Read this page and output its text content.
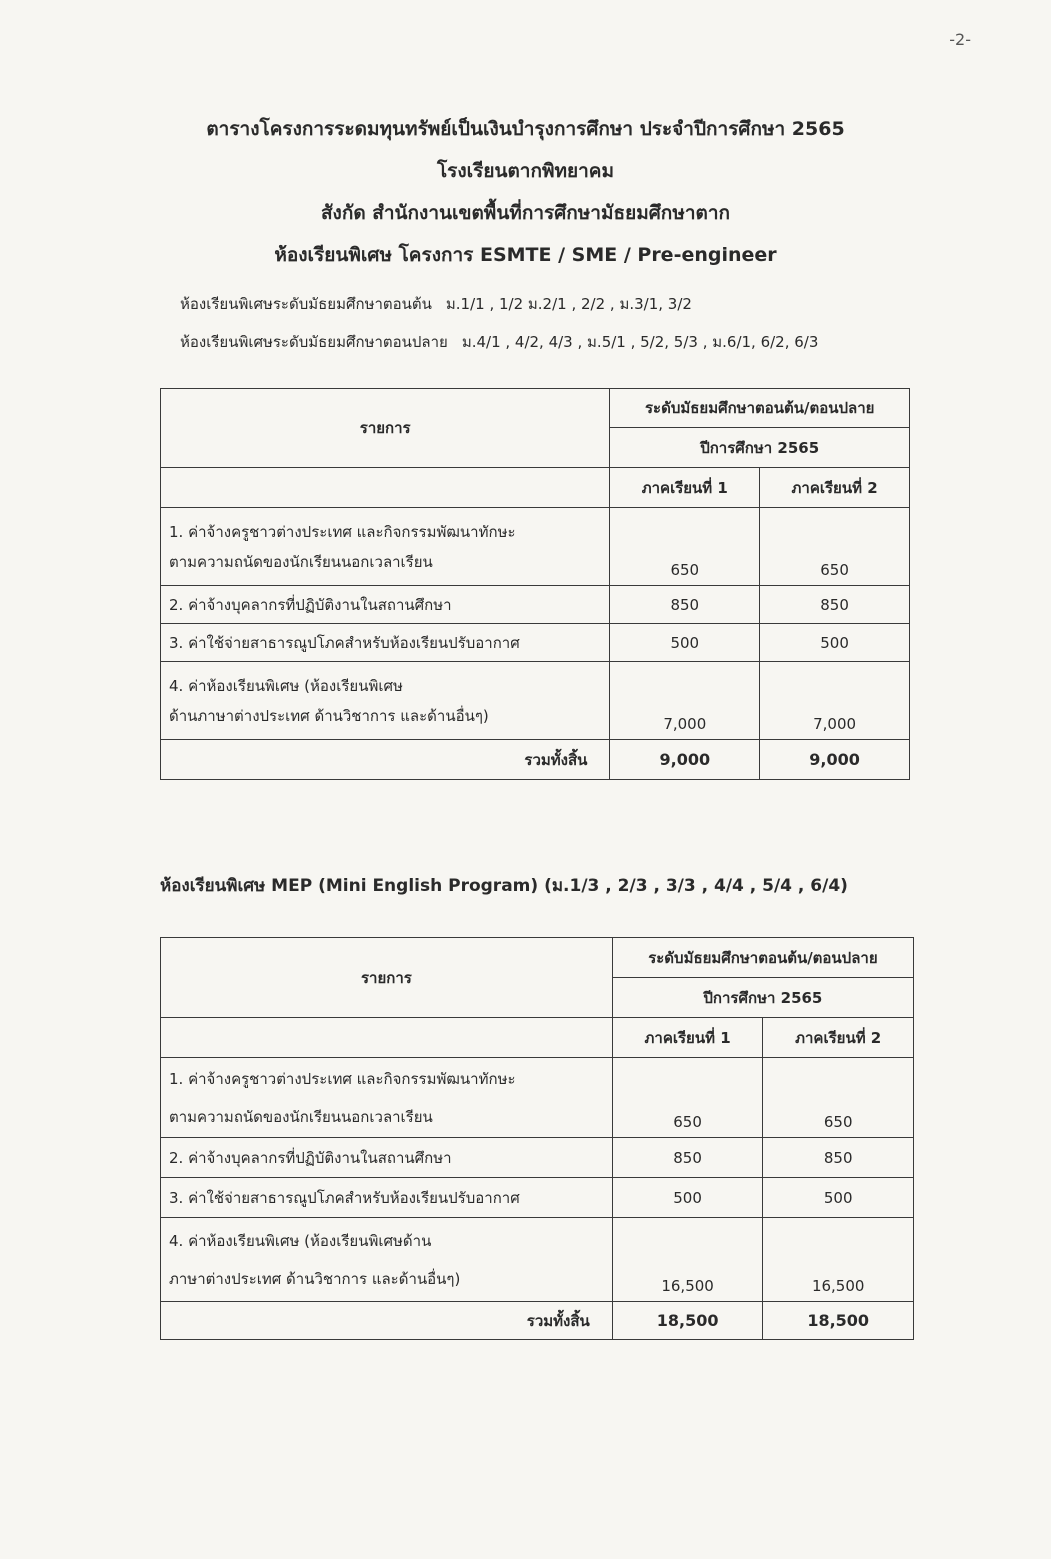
-2-
ตารางโครงการระดมทุนทรัพย์เป็นเงินบำรุงการศึกษา ประจำปีการศึกษา 2565
โรงเรียนตากพิทยาคม
สังกัด สำนักงานเขตพื้นที่การศึกษามัธยมศึกษาตาก
ห้องเรียนพิเศษ โครงการ ESMTE / SME / Pre-engineer
ห้องเรียนพิเศษระดับมัธยมศึกษาตอนต้น ม.1/1 , 1/2 ม.2/1 , 2/2 , ม.3/1, 3/2
ห้องเรียนพิเศษระดับมัธยมศึกษาตอนปลาย ม.4/1 , 4/2, 4/3 , ม.5/1 , 5/2, 5/3 , ม.6/1, 6/2, 6/3
รายการ	ระดับมัธยมศึกษาตอนต้น/ตอนปลาย	
	ปีการศึกษา 2565	
	ภาคเรียนที่ 1	ภาคเรียนที่ 2

1. ค่าจ้างครูชาวต่างประเทศ และกิจกรรมพัฒนาทักษะ
ตามความถนัดของนักเรียนนอกเวลาเรียน	650	650
2. ค่าจ้างบุคลากรที่ปฏิบัติงานในสถานศึกษา	850	850
3. ค่าใช้จ่ายสาธารณูปโภคสำหรับห้องเรียนปรับอากาศ	500	500

4. ค่าห้องเรียนพิเศษ (ห้องเรียนพิเศษ
ด้านภาษาต่างประเทศ ด้านวิชาการ และด้านอื่นๆ)	7,000	7,000
รวมทั้งสิ้น	9,000	9,000
ห้องเรียนพิเศษ MEP (Mini English Program) (ม.1/3 , 2/3 , 3/3 , 4/4 , 5/4 , 6/4)
รายการ	ระดับมัธยมศึกษาตอนต้น/ตอนปลาย	
	ปีการศึกษา 2565	
	ภาคเรียนที่ 1	ภาคเรียนที่ 2

1. ค่าจ้างครูชาวต่างประเทศ และกิจกรรมพัฒนาทักษะ
ตามความถนัดของนักเรียนนอกเวลาเรียน	650	650
2. ค่าจ้างบุคลากรที่ปฏิบัติงานในสถานศึกษา	850	850
3. ค่าใช้จ่ายสาธารณูปโภคสำหรับห้องเรียนปรับอากาศ	500	500

4. ค่าห้องเรียนพิเศษ (ห้องเรียนพิเศษด้าน
ภาษาต่างประเทศ ด้านวิชาการ และด้านอื่นๆ)	16,500	16,500
รวมทั้งสิ้น	18,500	18,500
